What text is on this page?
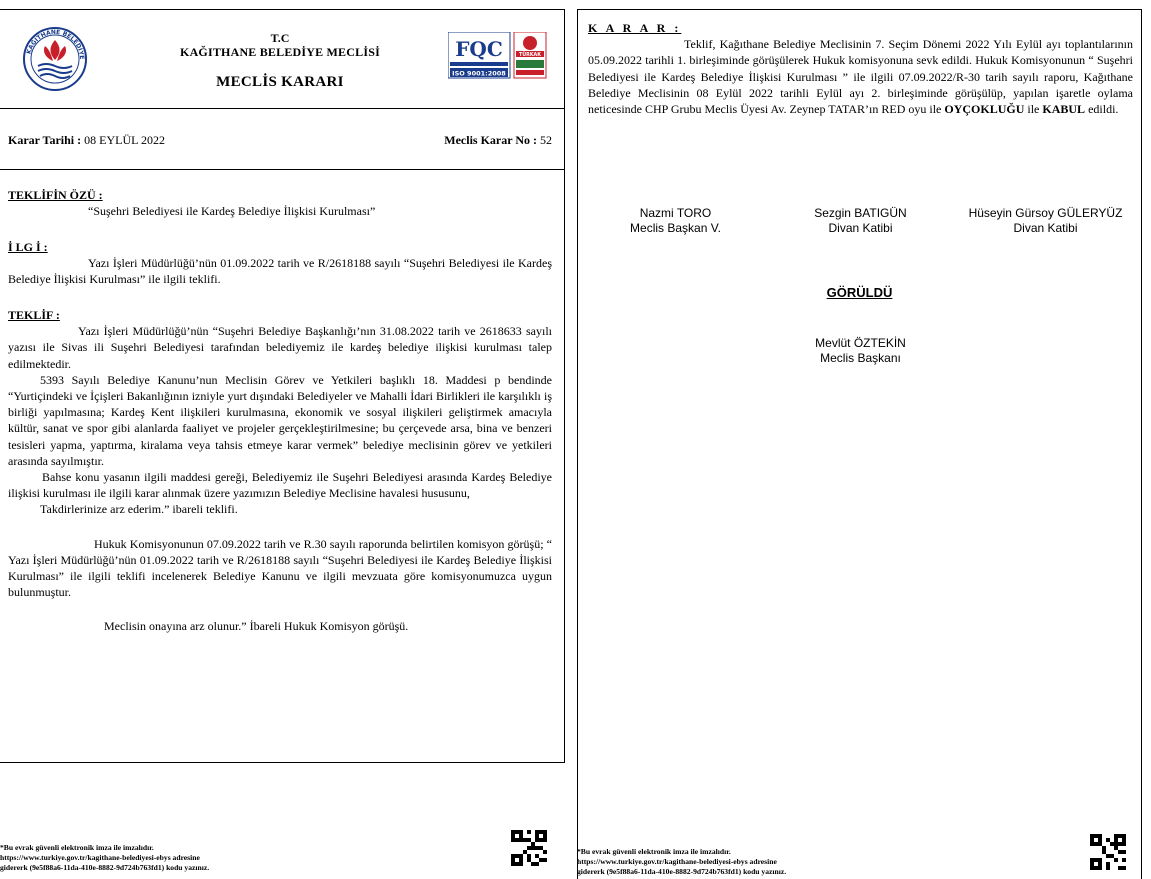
KAĞITHANE BELEDİYE
T.C
KAĞITHANE BELEDİYE MECLİSİ
MECLİS KARARI
FQC
ISO 9001:2008
TÜRKAK
Karar Tarihi : 08 EYLÜL 2022	Meclis Karar No : 52
TEKLİFİN ÖZÜ :
“Suşehri Belediyesi ile Kardeş Belediye İlişkisi Kurulması”
İ LG İ :

Yazı İşleri Müdürlüğü’nün 01.09.2022 tarih ve R/2618188 sayılı “Suşehri Belediyesi ile Kardeş Belediye İlişkisi Kurulması” ile ilgili teklifi.

TEKLİF :

Yazı İşleri Müdürlüğü’nün “Suşehri Belediye Başkanlığı’nın 31.08.2022 tarih ve 2618633 sayılı yazısı ile Sivas ili Suşehri Belediyesi tarafından belediyemiz ile kardeş belediye ilişkisi kurulması talep edilmektedir.

5393 Sayılı Belediye Kanunu’nun Meclisin Görev ve Yetkileri başlıklı 18. Maddesi p bendinde “Yurtiçindeki ve İçişleri Bakanlığının izniyle yurt dışındaki Belediyeler ve Mahalli İdari Birlikleri ile karşılıklı iş birliği yapılmasına; Kardeş Kent ilişkileri kurulmasına, ekonomik ve sosyal ilişkileri geliştirmek amacıyla kültür, sanat ve spor gibi alanlarda faaliyet ve projeler gerçekleştirilmesine; bu çerçevede arsa, bina ve benzeri tesisleri yapma, yaptırma, kiralama veya tahsis etmeye karar vermek” belediye meclisinin görev ve yetkileri arasında sayılmıştır.

Bahse konu yasanın ilgili maddesi gereği, Belediyemiz ile Suşehri Belediyesi arasında Kardeş Belediye ilişkisi kurulması ile ilgili karar alınmak üzere yazımızın Belediye Meclisine havalesi hususunu,

Takdirlerinize arz ederim.” ibareli teklifi.

Hukuk Komisyonunun 07.09.2022 tarih ve R.30 sayılı raporunda belirtilen komisyon görüşü; “ Yazı İşleri Müdürlüğü’nün 01.09.2022 tarih ve R/2618188 sayılı “Suşehri Belediyesi ile Kardeş Belediye İlişkisi Kurulması” ile ilgili teklifi incelenerek Belediye Kanunu ve ilgili mevzuata göre komisyonumuzca uygun bulunmuştur.

Meclisin onayına arz olunur.” İbareli Hukuk Komisyon görüşü.

*Bu evrak güvenli elektronik imza ile imzalıdır.
https://www.turkiye.gov.tr/kagithane-belediyesi-ebys adresine
gidererk (9e5f88a6-11da-410e-8882-9d724b763fd1) kodu yazınız.
K A R A R :

Teklif, Kağıthane Belediye Meclisinin 7. Seçim Dönemi 2022 Yılı Eylül ayı toplantılarının 05.09.2022 tarihli 1. birleşiminde görüşülerek Hukuk komisyonuna sevk edildi. Hukuk Komisyonunun “ Suşehri Belediyesi ile Kardeş Belediye İlişkisi Kurulması ” ile ilgili 07.09.2022/R-30 tarih sayılı raporu, Kağıthane Belediye Meclisinin 08 Eylül 2022 tarihli Eylül ayı 2. birleşiminde görüşülüp, yapılan işaretle oylama neticesinde CHP Grubu Meclis Üyesi Av. Zeynep TATAR’ın RED oyu ile OYÇOKLUĞU ile KABUL edildi.

Nazmi TORO
Meclis Başkan V.
Sezgin BATIGÜN
Divan Katibi
Hüseyin Gürsoy GÜLERYÜZ
Divan Katibi
GÖRÜLDÜ
Mevlüt ÖZTEKİN
Meclis Başkanı
*Bu evrak güvenli elektronik imza ile imzalıdır.
https://www.turkiye.gov.tr/kagithane-belediyesi-ebys adresine
gidererk (9e5f88a6-11da-410e-8882-9d724b763fd1) kodu yazınız.
